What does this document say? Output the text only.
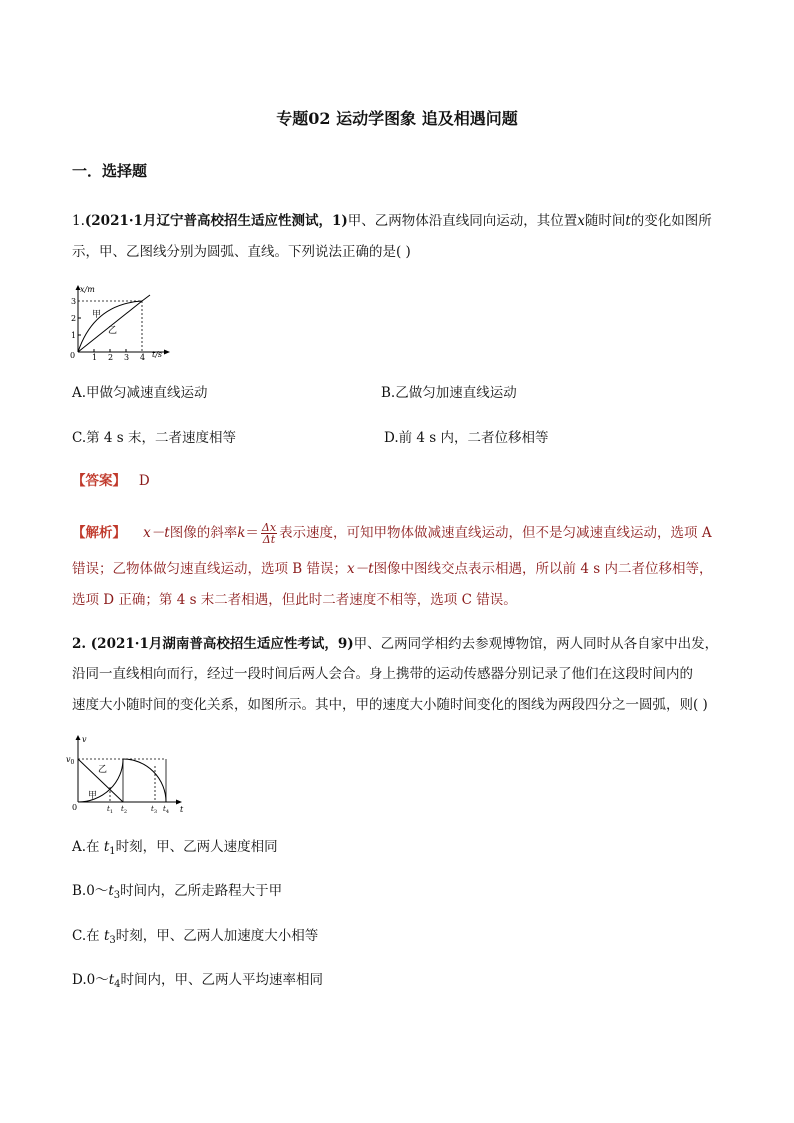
专题02 运动学图象 追及相遇问题
一．选择题
1.(2021·1月辽宁普高校招生适应性测试，1)甲、乙两物体沿直线同向运动，其位置x随时间t的变化如图所
示，甲、乙图线分别为圆弧、直线。下列说法正确的是( )
x/m
t/s
0
3
2
1
1 2 3 4
甲
乙
A.甲做匀减速直线运动	B.乙做匀加速直线运动
C.第 4 s 末，二者速度相等	D.前 4 s 内，二者位移相等
【答案】 D
【解析】 x－t图像的斜率$k= \frac{\Delta x}{\Delta t}$ 表示速度，可知甲物体做减速直线运动，但不是匀减速直线运动，选项 A
错误；乙物体做匀速直线运动，选项 B 错误；x－t图像中图线交点表示相遇，所以前 4 s 内二者位移相等，
选项 D 正确；第 4 s 末二者相遇，但此时二者速度不相等，选项 C 错误。
2. (2021·1月湖南普高校招生适应性考试，9)甲、乙两同学相约去参观博物馆，两人同时从各自家中出发，
沿同一直线相向而行，经过一段时间后两人会合。身上携带的运动传感器分别记录了他们在这段时间内的
速度大小随时间的变化关系，如图所示。其中，甲的速度大小随时间变化的图线为两段四分之一圆弧，则( )
v
t
$v_0$
0
乙
甲
$t_1$ $t_2$	$t_3$ $t_4$
A.在 $t_1$时刻，甲、乙两人速度相同
$B.0\sim t_3$时间内，乙所走路程大于甲
C.在 $t_3$时刻，甲、乙两人加速度大小相等
$D.0\sim t_4$时间内，甲、乙两人平均速率相同
